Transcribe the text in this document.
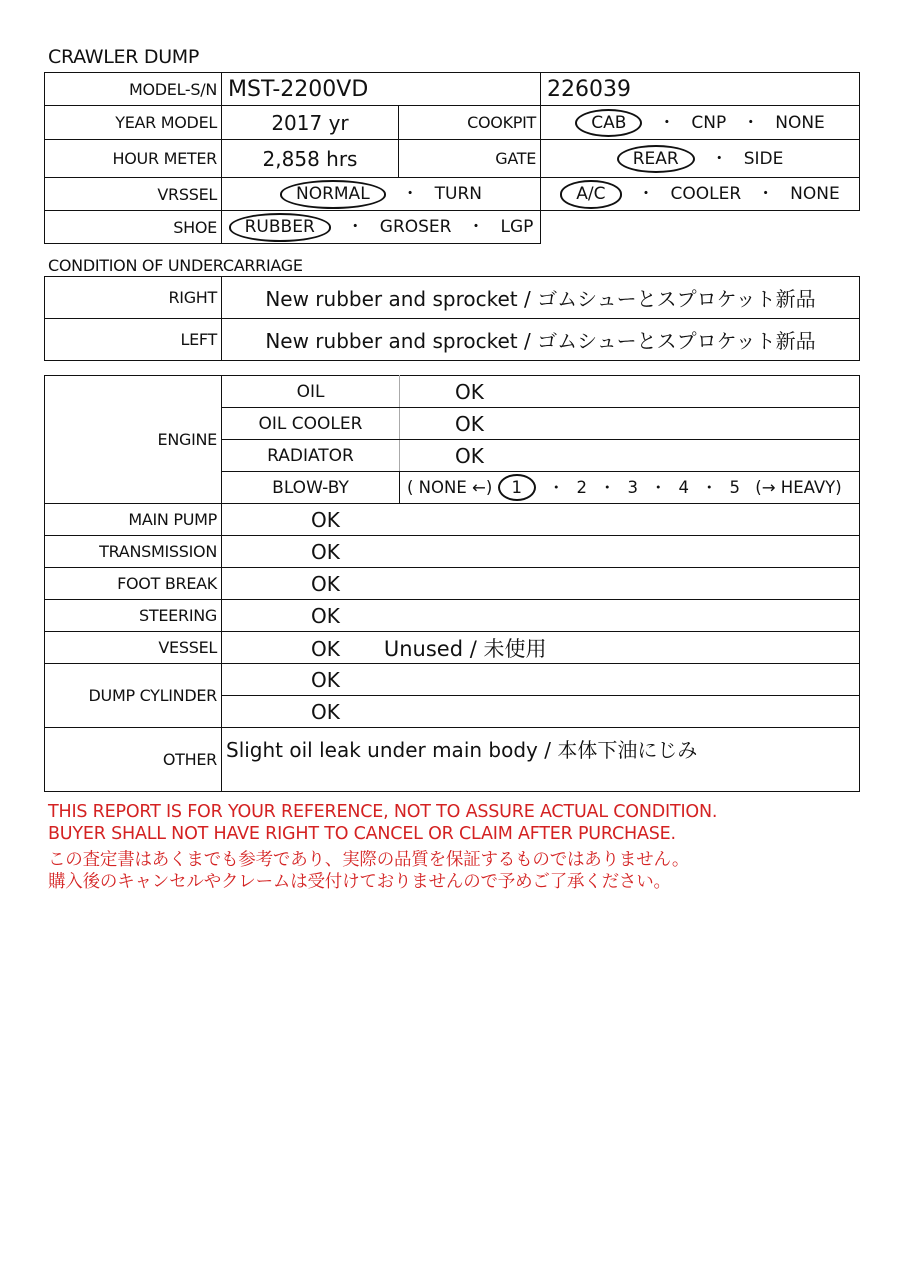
CRAWLER DUMP
MODEL-S/N	MST-2200VD		226039
YEAR MODEL	2017 yr	COOKPIT	CAB ・ CNP ・ NONE
HOUR METER	2,858 hrs	GATE	REAR ・ SIDE
VRSSEL	NORMAL ・ TURN		A/C ・ COOLER ・ NONE
SHOE	RUBBER ・ GROSER ・ LGP		
CONDITION OF UNDERCARRIAGE
RIGHT	New rubber and sprocket / ゴムシューとスプロケット新品
LEFT	New rubber and sprocket / ゴムシューとスプロケット新品
ENGINE	OIL	OK
	OIL COOLER	OK
	RADIATOR	OK
	BLOW-BY	( NONE ←) 1 ・ 2 ・ 3 ・ 4 ・ 5 (→ HEAVY)
MAIN PUMP	OK	
TRANSMISSION	OK	
FOOT BREAK	OK	
STEERING	OK	
VESSEL	OK Unused / 未使用	
DUMP CYLINDER	OK	
	OK	
OTHER	Slight oil leak under main body / 本体下油にじみ	
THIS REPORT IS FOR YOUR REFERENCE, NOT TO ASSURE ACTUAL CONDITION.
BUYER SHALL NOT HAVE RIGHT TO CANCEL OR CLAIM AFTER PURCHASE.
この査定書はあくまでも参考であり、実際の品質を保証するものではありません。
購入後のキャンセルやクレームは受付けておりませんので予めご了承ください。
